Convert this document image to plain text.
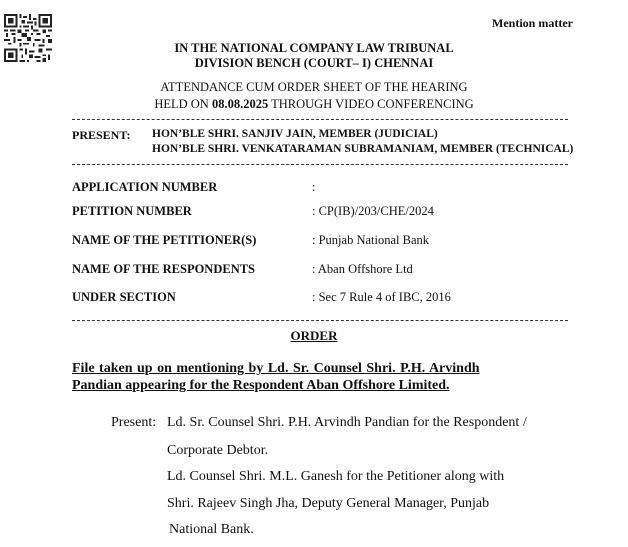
Mention matter
IN THE NATIONAL COMPANY LAW TRIBUNAL
DIVISION BENCH (COURT– I) CHENNAI
ATTENDANCE CUM ORDER SHEET OF THE HEARING
HELD ON 08.08.2025 THROUGH VIDEO CONFERENCING
PRESENT: HON’BLE SHRI. SANJIV JAIN, MEMBER (JUDICIAL)
HON’BLE SHRI. VENKATARAMAN SUBRAMANIAM, MEMBER (TECHNICAL)
APPLICATION NUMBER	:
PETITION NUMBER	: CP(IB)/203/CHE/2024
NAME OF THE PETITIONER(S)	: Punjab National Bank
NAME OF THE RESPONDENTS	: Aban Offshore Ltd
UNDER SECTION	: Sec 7 Rule 4 of IBC, 2016
ORDER
File taken up on mentioning by Ld. Sr. Counsel Shri. P.H. Arvindh
Pandian appearing for the Respondent Aban Offshore Limited.
Present: Ld. Sr. Counsel Shri. P.H. Arvindh Pandian for the Respondent /
Corporate Debtor.
Ld. Counsel Shri. M.L. Ganesh for the Petitioner along with
Shri. Rajeev Singh Jha, Deputy General Manager, Punjab
National Bank.
